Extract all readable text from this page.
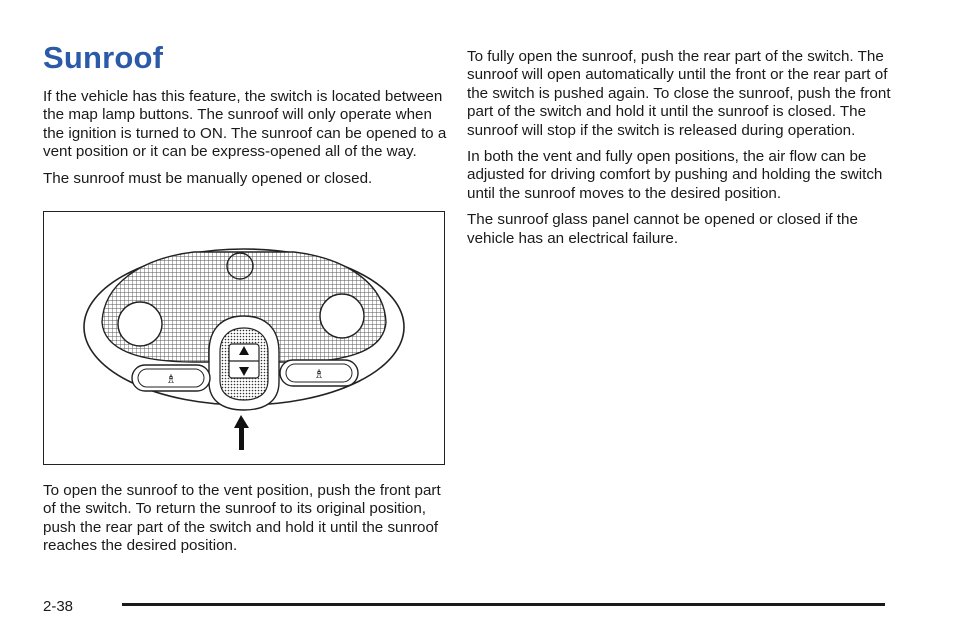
Sunroof

If the vehicle has this feature, the switch is located between the map lamp buttons. The sunroof will only operate when the ignition is turned to ON. The sunroof can be opened to a vent position or it can be express-opened all of the way.

The sunroof must be manually opened or closed.

♗	♗

To open the sunroof to the vent position, push the front part of the switch. To return the sunroof to its original position, push the rear part of the switch and hold it until the sunroof reaches the desired position.

To fully open the sunroof, push the rear part of the switch. The sunroof will open automatically until the front or the rear part of the switch is pushed again. To close the sunroof, push the front part of the switch and hold it until the sunroof is closed. The sunroof will stop if the switch is released during operation.

In both the vent and fully open positions, the air flow can be adjusted for driving comfort by pushing and holding the switch until the sunroof moves to the desired position.

The sunroof glass panel cannot be opened or closed if the vehicle has an electrical failure.

2-38
